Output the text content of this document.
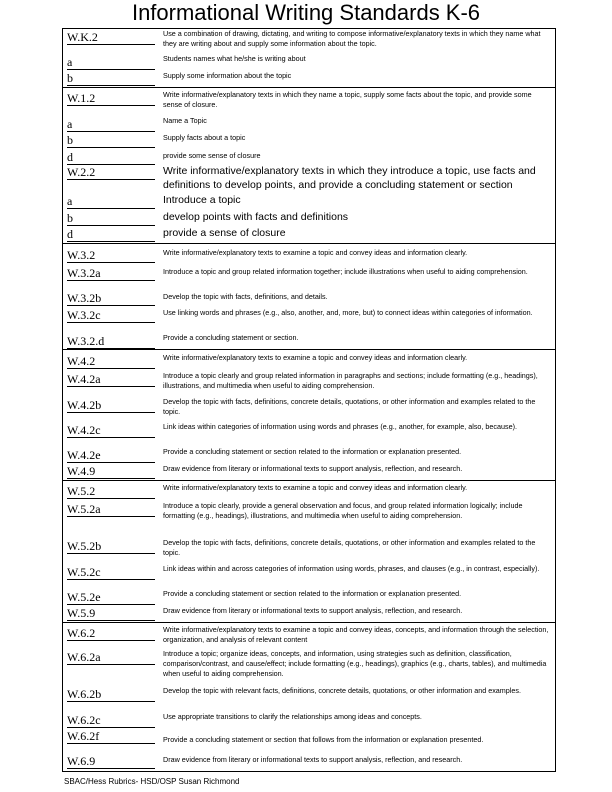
Informational Writing Standards K-6
W.K.2	Use a combination of drawing, dictating, and writing to compose informative/explanatory texts in which they name what they are writing about and supply some information about the topic.
a	Students names what he/she is writing about
b	Supply some information about the topic
W.1.2	Write informative/explanatory texts in which they name a topic, supply some facts about the topic, and provide some sense of closure.
a	Name a Topic
b	Supply facts about a topic
d	provide some sense of closure
W.2.2	Write informative/explanatory texts in which they introduce a topic, use facts and definitions to develop points, and provide a concluding statement or section
a	Introduce a topic
b	develop points with facts and definitions
d	provide a sense of closure
W.3.2	Write informative/explanatory texts to examine a topic and convey ideas and information clearly.
W.3.2a	Introduce a topic and group related information together; include illustrations when useful to aiding comprehension.
W.3.2b	Develop the topic with facts, definitions, and details.
W.3.2c	Use linking words and phrases (e.g., also, another, and, more, but) to connect ideas within categories of information.
W.3.2.d	Provide a concluding statement or section.
W.4.2	Write informative/explanatory texts to examine a topic and convey ideas and information clearly.
W.4.2a	Introduce a topic clearly and group related information in paragraphs and sections; include formatting (e.g., headings), illustrations, and multimedia when useful to aiding comprehension.
W.4.2b	Develop the topic with facts, definitions, concrete details, quotations, or other information and examples related to the topic.
W.4.2c	Link ideas within categories of information using words and phrases (e.g., another, for example, also, because).
W.4.2e	Provide a concluding statement or section related to the information or explanation presented.
W.4.9	Draw evidence from literary or informational texts to support analysis, reflection, and research.
W.5.2	Write informative/explanatory texts to examine a topic and convey ideas and information clearly.
W.5.2a	Introduce a topic clearly, provide a general observation and focus, and group related information logically; include formatting (e.g., headings), illustrations, and multimedia when useful to aiding comprehension.
W.5.2b	Develop the topic with facts, definitions, concrete details, quotations, or other information and examples related to the topic.
W.5.2c	Link ideas within and across categories of information using words, phrases, and clauses (e.g., in contrast, especially).
W.5.2e	Provide a concluding statement or section related to the information or explanation presented.
W.5.9	Draw evidence from literary or informational texts to support analysis, reflection, and research.
W.6.2	Write informative/explanatory texts to examine a topic and convey ideas, concepts, and information through the selection, organization, and analysis of relevant content
W.6.2a	Introduce a topic; organize ideas, concepts, and information, using strategies such as definition, classification, comparison/contrast, and cause/effect; include formatting (e.g., headings), graphics (e.g., charts, tables), and multimedia when useful to aiding comprehension.
W.6.2b	Develop the topic with relevant facts, definitions, concrete details, quotations, or other information and examples.
W.6.2c	Use appropriate transitions to clarify the relationships among ideas and concepts.
W.6.2f	Provide a concluding statement or section that follows from the information or explanation presented.
W.6.9	Draw evidence from literary or informational texts to support analysis, reflection, and research.
SBAC/Hess Rubrics- HSD/OSP Susan Richmond
